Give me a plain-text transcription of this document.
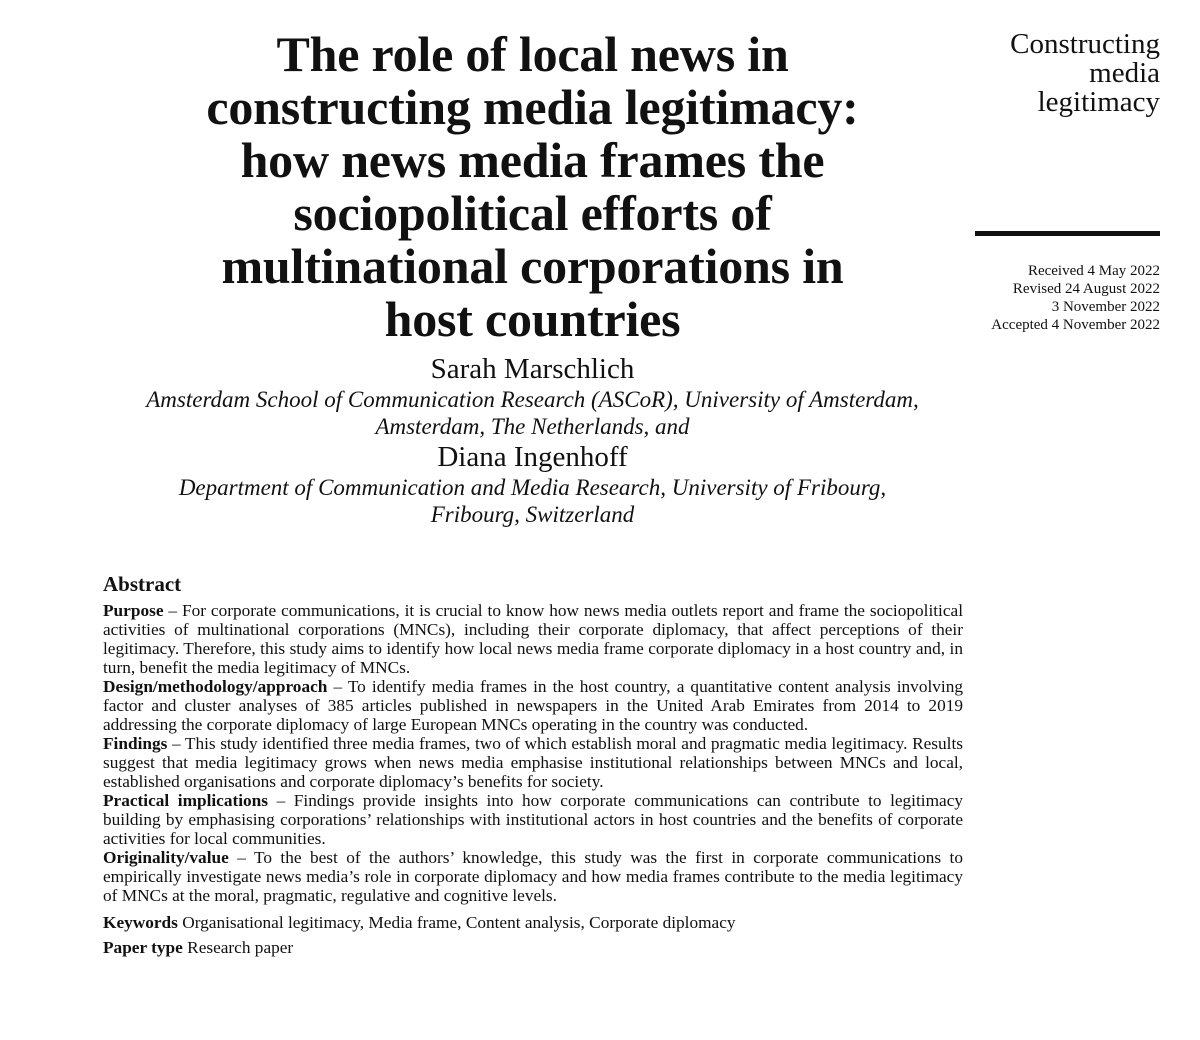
The role of local news in
constructing media legitimacy:
how news media frames the
sociopolitical efforts of
multinational corporations in
host countries
Constructing
media
legitimacy
Received 4 May 2022
Revised 24 August 2022
3 November 2022
Accepted 4 November 2022
Sarah Marschlich
Amsterdam School of Communication Research (ASCoR), University of Amsterdam,
Amsterdam, The Netherlands, and
Diana Ingenhoff
Department of Communication and Media Research, University of Fribourg,
Fribourg, Switzerland
Abstract

Purpose – For corporate communications, it is crucial to know how news media outlets report and frame the sociopolitical activities of multinational corporations (MNCs), including their corporate diplomacy, that affect perceptions of their legitimacy. Therefore, this study aims to identify how local news media frame corporate diplomacy in a host country and, in turn, benefit the media legitimacy of MNCs.

Design/methodology/approach – To identify media frames in the host country, a quantitative content analysis involving factor and cluster analyses of 385 articles published in newspapers in the United Arab Emirates from 2014 to 2019 addressing the corporate diplomacy of large European MNCs operating in the country was conducted.

Findings – This study identified three media frames, two of which establish moral and pragmatic media legitimacy. Results suggest that media legitimacy grows when news media emphasise institutional relationships between MNCs and local, established organisations and corporate diplomacy’s benefits for society.

Practical implications – Findings provide insights into how corporate communications can contribute to legitimacy building by emphasising corporations’ relationships with institutional actors in host countries and the benefits of corporate activities for local communities.

Originality/value – To the best of the authors’ knowledge, this study was the first in corporate communications to empirically investigate news media’s role in corporate diplomacy and how media frames contribute to the media legitimacy of MNCs at the moral, pragmatic, regulative and cognitive levels.

Keywords Organisational legitimacy, Media frame, Content analysis, Corporate diplomacy

Paper type Research paper
